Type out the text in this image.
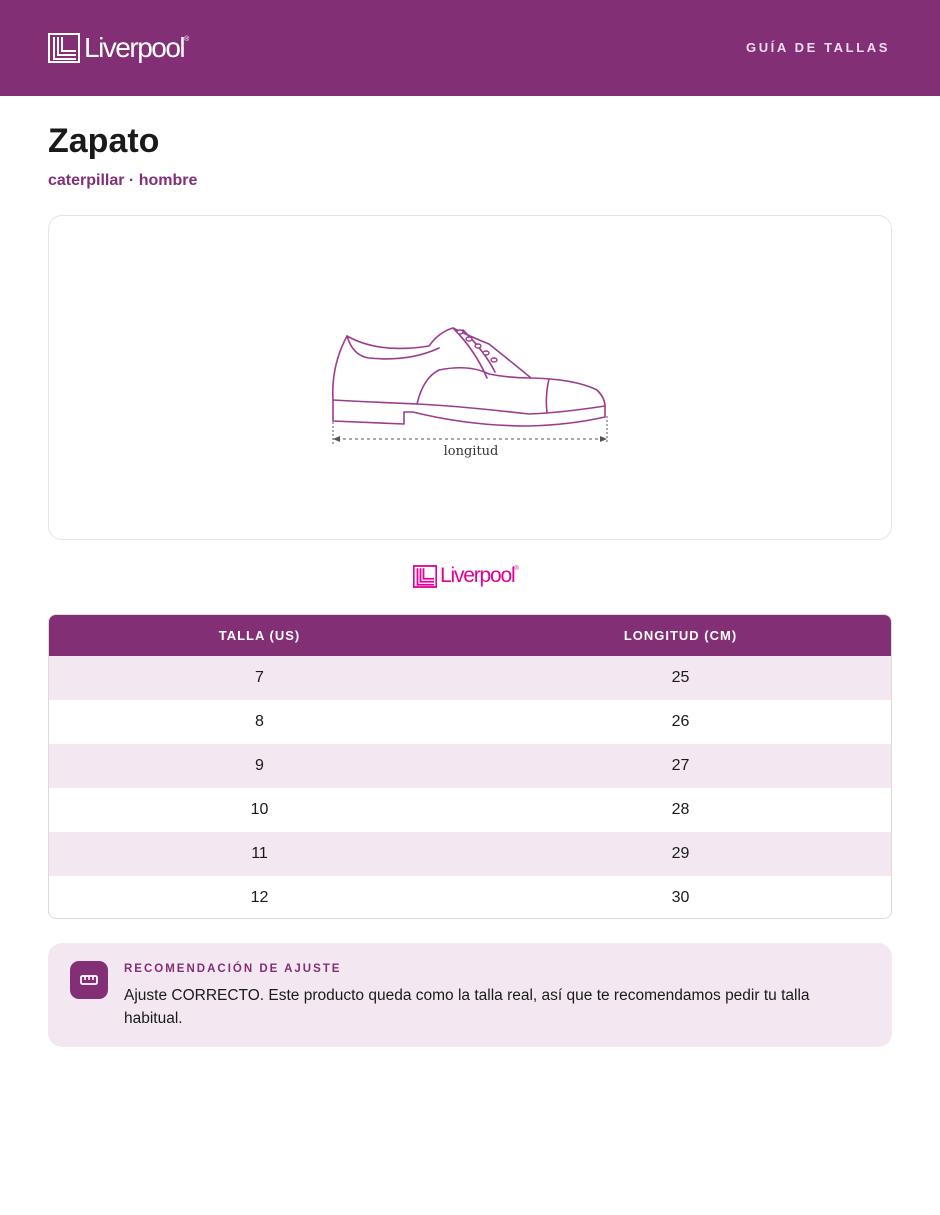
Liverpool ®
GUÍA DE TALLAS
Zapato
caterpillar · hombre
longitud
Liverpool ®
TALLA (US)	LONGITUD (CM)
7	25
8	26
9	27
10	28
11	29
12	30
RECOMENDACIÓN DE AJUSTE
Ajuste CORRECTO. Este producto queda como la talla real, así que te recomendamos pedir tu talla habitual.
